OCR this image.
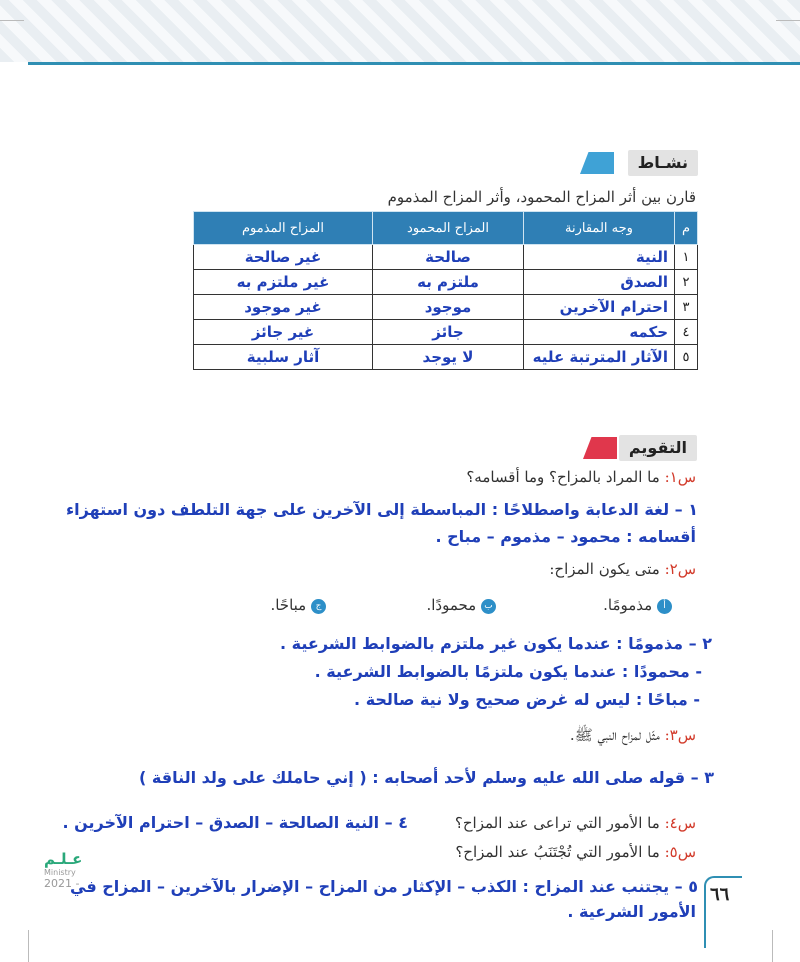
نشـاط
قارن بين أثر المزاح المحمود، وأثر المزاح المذموم
م	وجه المقارنة	المزاح المحمود	المزاح المذموم
١	النية	صالحة	غير صالحة
٢	الصدق	ملتزم به	غير ملتزم به
٣	احترام الآخرين	موجود	غير موجود
٤	حكمه	جائز	غير جائز
٥	الآثار المترتبة عليه	لا يوجد	آثار سلبية
التقويم
س١: ما المراد بالمزاح؟ وما أقسامه؟
١ – لغة الدعابة واصطلاحًا : المباسطة إلى الآخرين على جهة التلطف دون استهزاء
أقسامه : محمود – مذموم – مباح .
س٢: متى يكون المزاح:
أ مذمومًا.
ب محمودًا.
ج مباحًا.
٢ – مذمومًا : عندما يكون غير ملتزم بالضوابط الشرعية .
- محمودًا : عندما يكون ملتزمًا بالضوابط الشرعية .
- مباحًا : ليس له غرض صحيح ولا نية صالحة .
س٣: مثّل لمزاح النبي ﷺ.
٣ – قوله صلى الله عليه وسلم لأحد أصحابه : ( إني حاملك على ولد الناقة )
س٤: ما الأمور التي تراعى عند المزاح؟
٤ – النية الصالحة – الصدق – احترام الآخرين .
س٥: ما الأمور التي تُجْتَنَبُ عند المزاح؟
٥ – يجتنب عند المزاح : الكذب – الإكثار من المزاح – الإضرار بالآخرين – المزاح في
الأمور الشرعية .
٦٦
عـلـم
Ministry
2021 -
